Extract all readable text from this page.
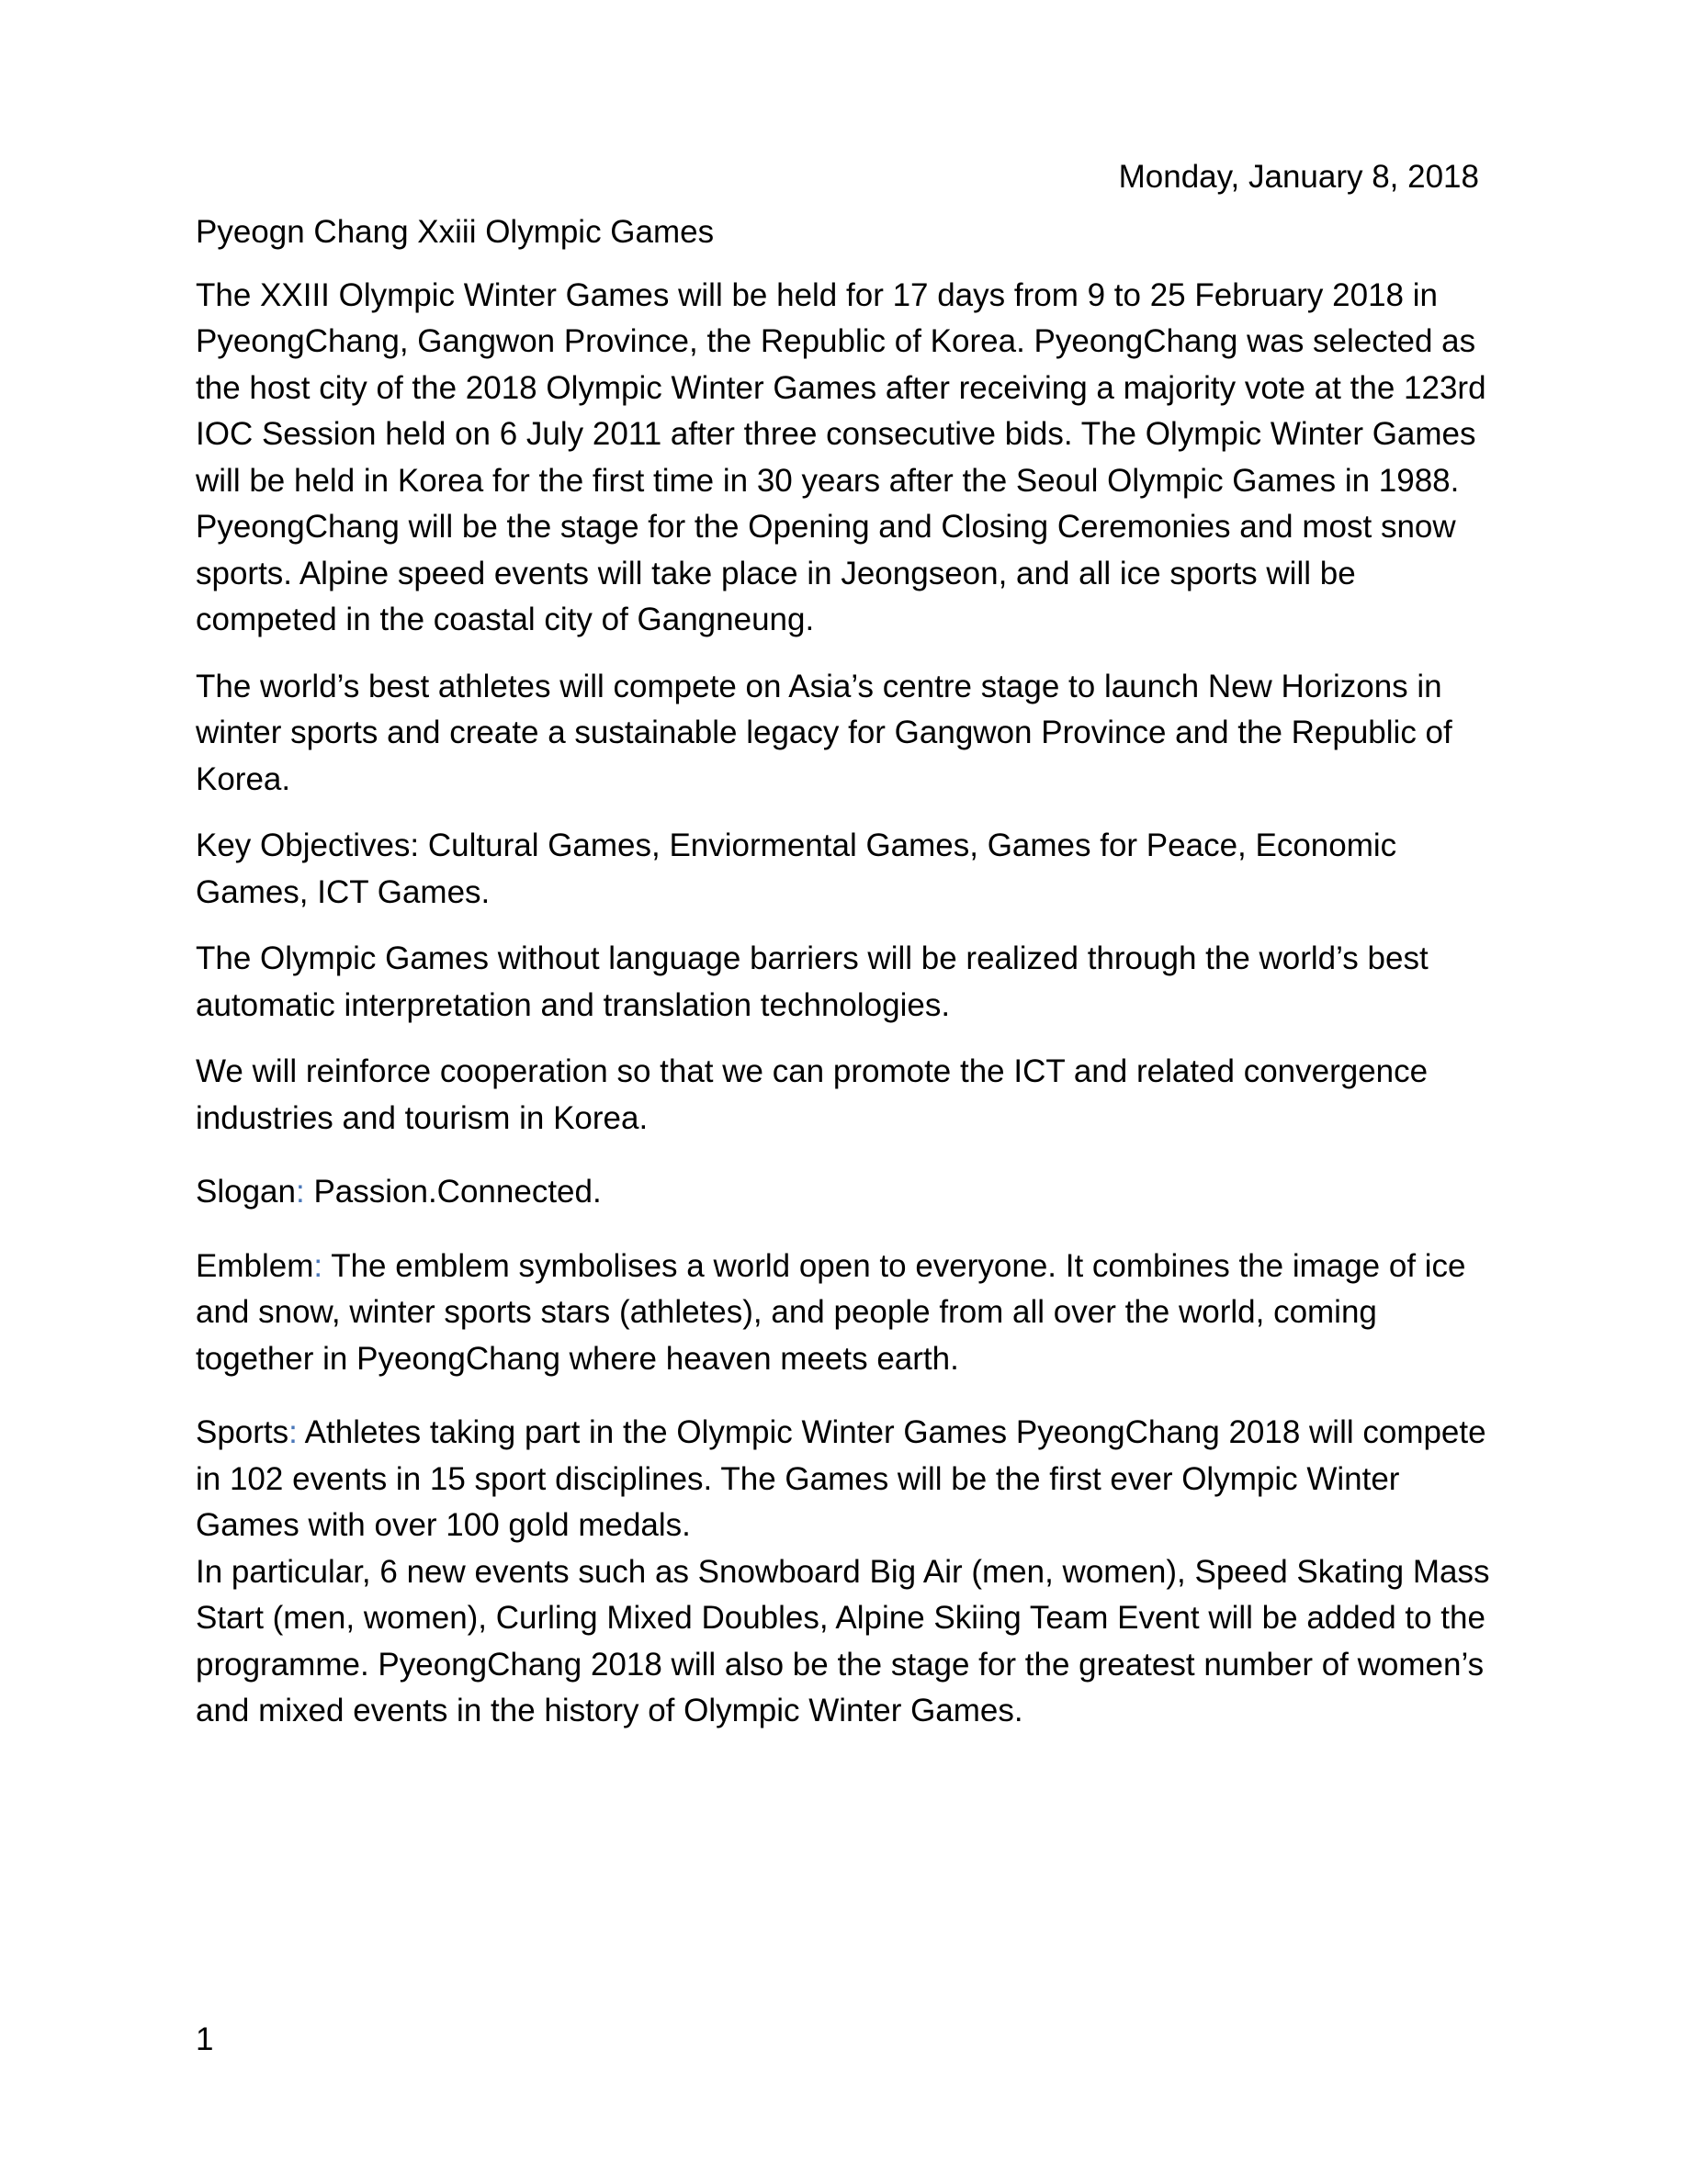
Monday, January 8, 2018

Pyeogn Chang Xxiii Olympic Games

The XXIII Olympic Winter Games will be held for 17 days from 9 to 25 February 2018 in PyeongChang, Gangwon Province, the Republic of Korea. PyeongChang was selected as the host city of the 2018 Olympic Winter Games after receiving a majority vote at the 123rd IOC Session held on 6 July 2011 after three consecutive bids. The Olympic Winter Games will be held in Korea for the first time in 30 years after the Seoul Olympic Games in 1988. PyeongChang will be the stage for the Opening and Closing Ceremonies and most snow sports. Alpine speed events will take place in Jeongseon, and all ice sports will be competed in the coastal city of Gangneung.

The world’s best athletes will compete on Asia’s centre stage to launch New Horizons in winter sports and create a sustainable legacy for Gangwon Province and the Republic of Korea.

Key Objectives: Cultural Games, Enviormental Games, Games for Peace, Economic Games, ICT Games.

The Olympic Games without language barriers will be realized through the world’s best automatic interpretation and translation technologies.

We will reinforce cooperation so that we can promote the ICT and related convergence industries and tourism in Korea.

Slogan: Passion.Connected.

Emblem: The emblem symbolises a world open to everyone. It combines the image of ice and snow, winter sports stars (athletes), and people from all over the world, coming together in PyeongChang where heaven meets earth.

Sports: Athletes taking part in the Olympic Winter Games PyeongChang 2018 will compete in 102 events in 15 sport disciplines. The Games will be the first ever Olympic Winter Games with over 100 gold medals.

In particular, 6 new events such as Snowboard Big Air (men, women), Speed Skating Mass Start (men, women), Curling Mixed Doubles, Alpine Skiing Team Event will be added to the programme. PyeongChang 2018 will also be the stage for the greatest number of women’s and mixed events in the history of Olympic Winter Games.

1
